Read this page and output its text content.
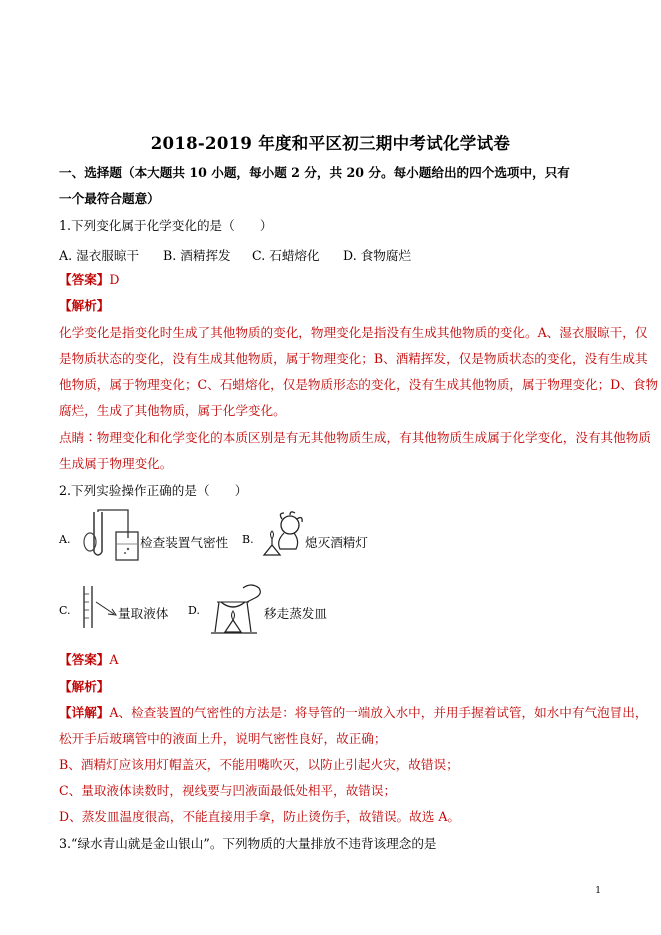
2018-2019 年度和平区初三期中考试化学试卷
一、选择题（本大题共 10 小题，每小题 2 分，共 20 分。每小题给出的四个选项中，只有
一个最符合题意）
1.下列变化属于化学变化的是（　　）
A. 湿衣服晾干 B. 酒精挥发 C. 石蜡熔化 D. 食物腐烂
【答案】D
【解析】
化学变化是指变化时生成了其他物质的变化，物理变化是指没有生成其他物质的变化。A、湿衣服晾干，仅
是物质状态的变化，没有生成其他物质，属于物理变化；B、酒精挥发，仅是物质状态的变化，没有生成其
他物质，属于物理变化；C、石蜡熔化，仅是物质形态的变化，没有生成其他物质，属于物理变化；D、食物
腐烂，生成了其他物质，属于化学变化。
点睛∶物理变化和化学变化的本质区别是有无其他物质生成，有其他物质生成属于化学变化，没有其他物质
生成属于物理变化。
2.下列实验操作正确的是（　　）
A.	检查装置气密性 B.	熄灭酒精灯
C.	量取液体 D.	移走蒸发皿
【答案】A
【解析】
【详解】A、检查装置的气密性的方法是：将导管的一端放入水中，并用手握着试管，如水中有气泡冒出，
松开手后玻璃管中的液面上升，说明气密性良好，故正确；
B、酒精灯应该用灯帽盖灭，不能用嘴吹灭，以防止引起火灾，故错误；
C、量取液体读数时，视线要与凹液面最低处相平，故错误；
D、蒸发皿温度很高，不能直接用手拿，防止烫伤手，故错误。故选 A。
3.“绿水青山就是金山银山”。下列物质的大量排放不违背该理念的是
1
